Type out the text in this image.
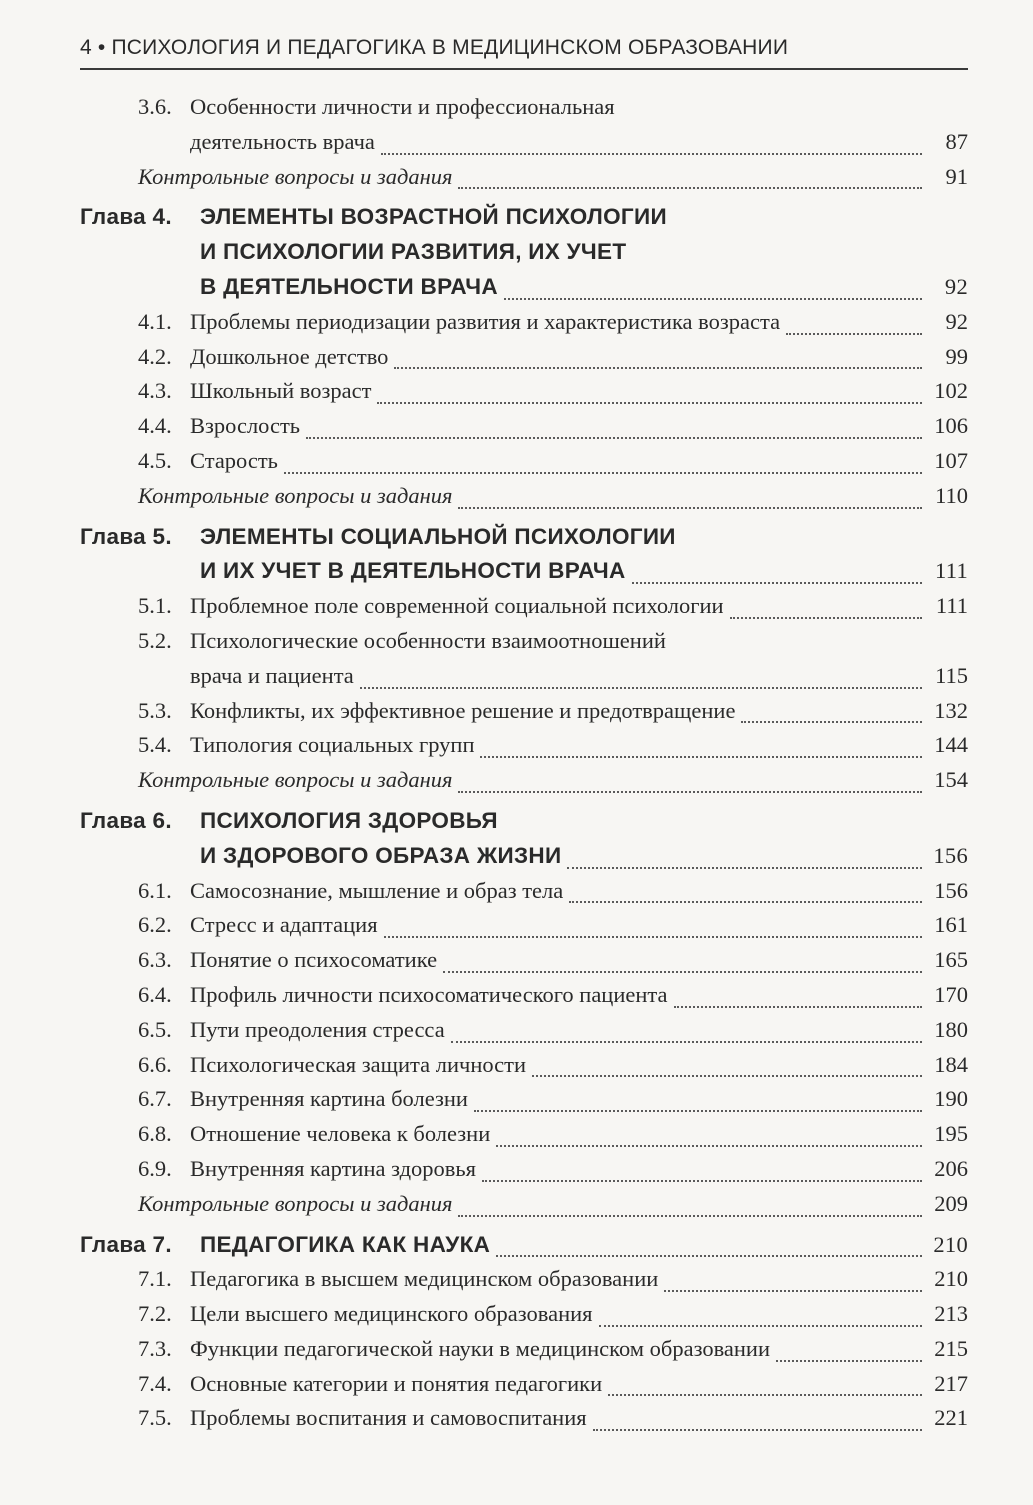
4 • ПСИХОЛОГИЯ И ПЕДАГОГИКА В МЕДИЦИНСКОМ ОБРАЗОВАНИИ
3.6. Особенности личности и профессиональная
деятельность врача	87
Контрольные вопросы и задания	91
Глава 4. ЭЛЕМЕНТЫ ВОЗРАСТНОЙ ПСИХОЛОГИИ
И ПСИХОЛОГИИ РАЗВИТИЯ, ИХ УЧЕТ
В ДЕЯТЕЛЬНОСТИ ВРАЧА	92
4.1. Проблемы периодизации развития и характеристика возраста	92
4.2. Дошкольное детство	99
4.3. Школьный возраст	102
4.4. Взрослость	106
4.5. Старость	107
Контрольные вопросы и задания	110
Глава 5. ЭЛЕМЕНТЫ СОЦИАЛЬНОЙ ПСИХОЛОГИИ
И ИХ УЧЕТ В ДЕЯТЕЛЬНОСТИ ВРАЧА	111
5.1. Проблемное поле современной социальной психологии	111
5.2. Психологические особенности взаимоотношений
врача и пациента	115
5.3. Конфликты, их эффективное решение и предотвращение	132
5.4. Типология социальных групп	144
Контрольные вопросы и задания	154
Глава 6. ПСИХОЛОГИЯ ЗДОРОВЬЯ
И ЗДОРОВОГО ОБРАЗА ЖИЗНИ	156
6.1. Самосознание, мышление и образ тела	156
6.2. Стресс и адаптация	161
6.3. Понятие о психосоматике	165
6.4. Профиль личности психосоматического пациента	170
6.5. Пути преодоления стресса	180
6.6. Психологическая защита личности	184
6.7. Внутренняя картина болезни	190
6.8. Отношение человека к болезни	195
6.9. Внутренняя картина здоровья	206
Контрольные вопросы и задания	209
Глава 7. ПЕДАГОГИКА КАК НАУКА	210
7.1. Педагогика в высшем медицинском образовании	210
7.2. Цели высшего медицинского образования	213
7.3. Функции педагогической науки в медицинском образовании	215
7.4. Основные категории и понятия педагогики	217
7.5. Проблемы воспитания и самовоспитания	221
